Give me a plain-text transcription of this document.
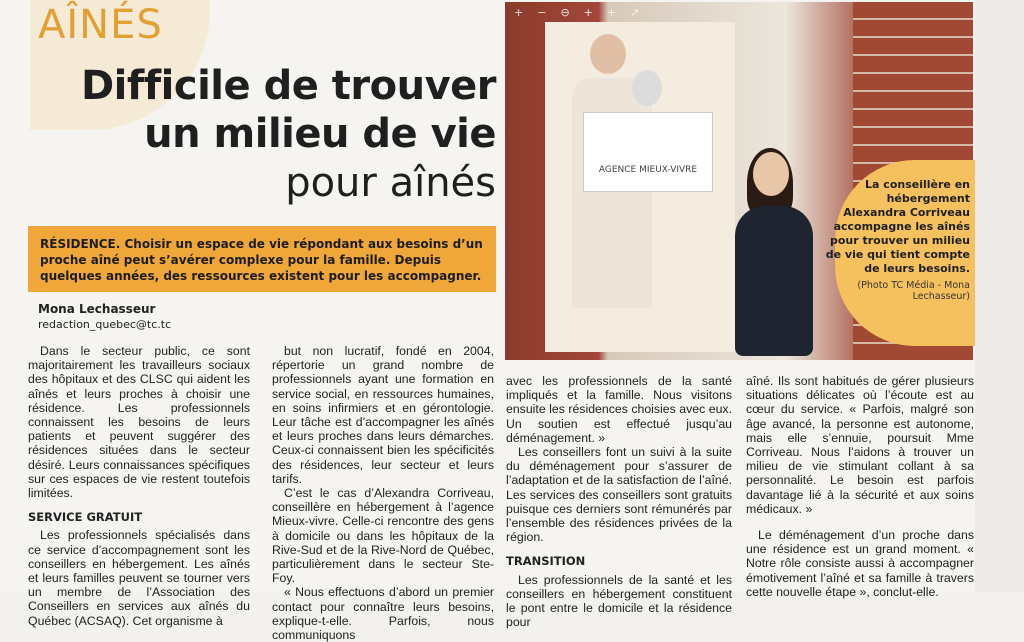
AÎNÉS
Difficile de trouver
un milieu de vie
pour aînés
RÉSIDENCE. Choisir un espace de vie répondant aux besoins d’un proche aîné peut s’avérer complexe pour la famille. Depuis quelques années, des ressources existent pour les accompagner.
Mona Lechasseur
redaction_quebec@tc.tc

Dans le secteur public, ce sont majoritairement les travailleurs sociaux des hôpitaux et des CLSC qui aident les aînés et leurs proches à choisir une résidence. Les professionnels connaissent les besoins de leurs patients et peuvent suggérer des résidences situées dans le secteur désiré. Leurs connaissances spécifiques sur ces espaces de vie restent toutefois limitées.

SERVICE GRATUIT

Les professionnels spécialisés dans ce service d’accompagnement sont les conseillers en hébergement. Les aînés et leurs familles peuvent se tourner vers un membre de l’Association des Conseillers en services aux aînés du Québec (ACSAQ). Cet organisme à

but non lucratif, fondé en 2004, répertorie un grand nombre de professionnels ayant une formation en service social, en ressources humaines, en soins infirmiers et en gérontologie. Leur tâche est d’accompagner les aînés et leurs proches dans leurs démarches. Ceux-ci connaissent bien les spécificités des résidences, leur secteur et leurs tarifs.

C’est le cas d’Alexandra Corriveau, conseillère en hébergement à l’agence Mieux-vivre. Celle-ci rencontre des gens à domicile ou dans les hôpitaux de la Rive-Sud et de la Rive-Nord de Québec, particulièrement dans le secteur Ste-Foy.

« Nous effectuons d’abord un premier contact pour connaître leurs besoins, explique-t-elle. Parfois, nous communiquons

AGENCE MIEUX-VIVRE
+ − ⊖ + + ↗
La conseillère en hébergement Alexandra Corriveau accompagne les aînés pour trouver un milieu de vie qui tient compte de leurs besoins.
(Photo TC Média - Mona Lechasseur)

avec les professionnels de la santé impliqués et la famille. Nous visitons ensuite les résidences choisies avec eux. Un soutien est effectué jusqu’au déménagement. »

Les conseillers font un suivi à la suite du déménagement pour s’assurer de l’adaptation et de la satisfaction de l’aîné. Les services des conseillers sont gratuits puisque ces derniers sont rémunérés par l’ensemble des résidences privées de la région.

TRANSITION

Les professionnels de la santé et les conseillers en hébergement constituent le pont entre le domicile et la résidence pour

aîné. Ils sont habitués de gérer plusieurs situations délicates où l’écoute est au cœur du service. « Parfois, malgré son âge avancé, la personne est autonome, mais elle s’ennuie, poursuit Mme Corriveau. Nous l’aidons à trouver un milieu de vie stimulant collant à sa personnalité. Le besoin est parfois davantage lié à la sécurité et aux soins médicaux. »

Le déménagement d’un proche dans une résidence est un grand moment. « Notre rôle consiste aussi à accompagner émotivement l’aîné et sa famille à travers cette nouvelle étape », conclut-elle.
